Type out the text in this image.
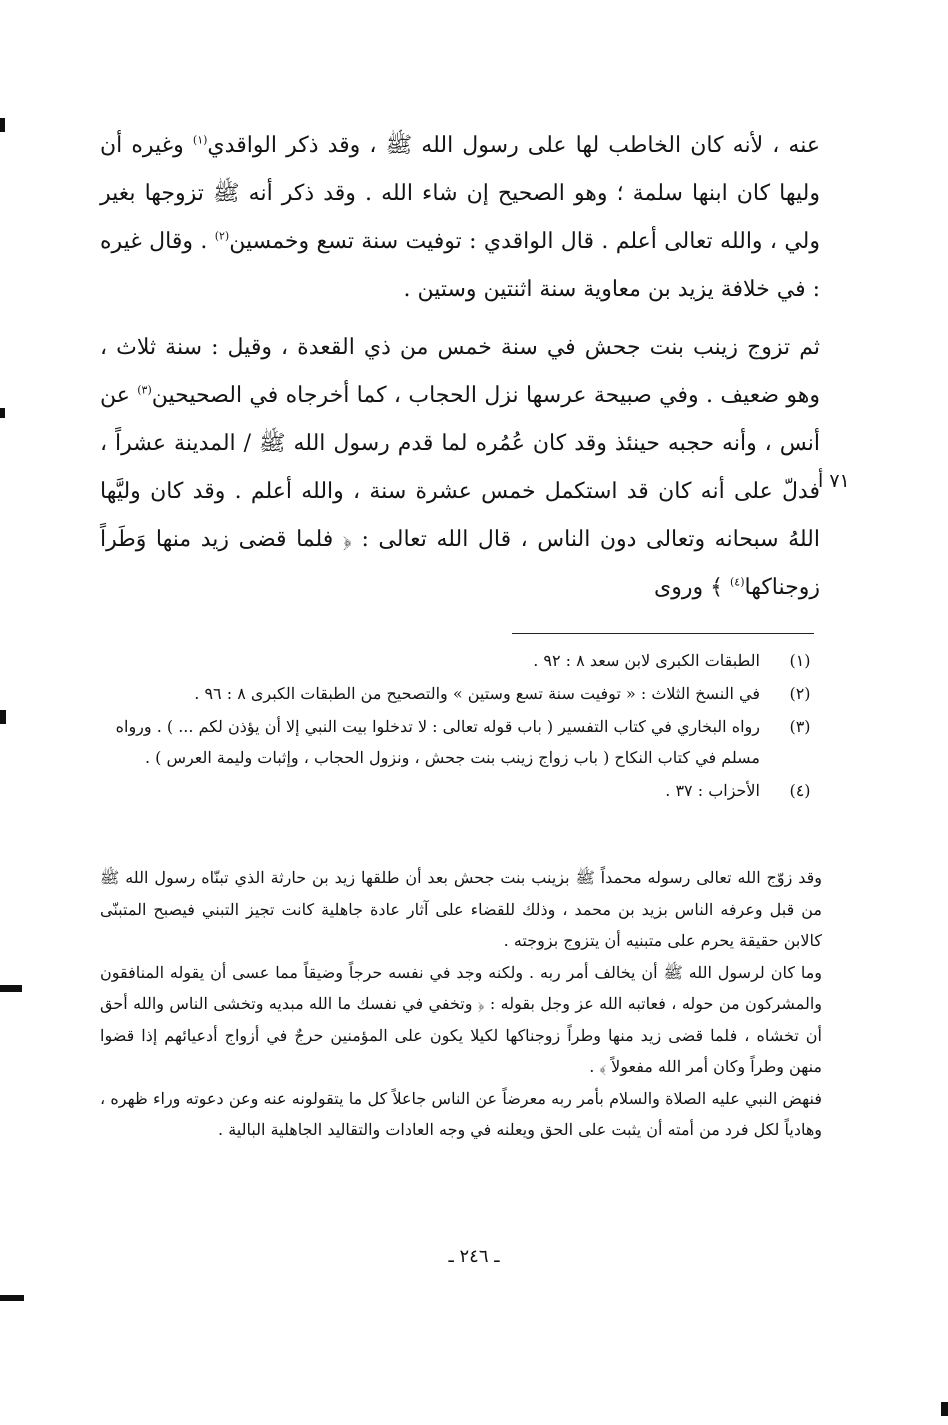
عنه ، لأنه كان الخاطب لها على رسول الله ﷺ ، وقد ذكر الواقدي$^{(١)}$ وغيره أن وليها كان ابنها سلمة ؛ وهو الصحيح إن شاء الله . وقد ذكر أنه ﷺ تزوجها بغير ولي ، والله تعالى أعلم . قال الواقدي : توفيت سنة تسع وخمسين$^{(٢)}$ . وقال غيره : في خلافة يزيد بن معاوية سنة اثنتين وستين .

ثم تزوج زينب بنت جحش في سنة خمس من ذي القعدة ، وقيل : سنة ثلاث ، وهو ضعيف . وفي صبيحة عرسها نزل الحجاب ، كما أخرجاه في الصحيحين$^{(٣)}$ عن أنس ، وأنه حجبه حينئذ وقد كان عُمُره لما قدم رسول الله ﷺ / المدينة عشراً ، فدلّ على أنه كان قد استكمل خمس عشرة سنة ، والله أعلم . وقد كان وليَّها اللهُ سبحانه وتعالى دون الناس ، قال الله تعالى : ﴿ فلما قضى زيد منها وَطَراً زوجناكها$^{(٤)}$ ﴾ وروى

٧١ أ
(١)
الطبقات الكبرى لابن سعد ٨ : ٩٢ .
(٢)
في النسخ الثلاث : « توفيت سنة تسع وستين » والتصحيح من الطبقات الكبرى ٨ : ٩٦ .
(٣)
رواه البخاري في كتاب التفسير ( باب قوله تعالى : لا تدخلوا بيت النبي إلا أن يؤذن لكم ... ) . ورواه مسلم في كتاب النكاح ( باب زواج زينب بنت جحش ، ونزول الحجاب ، وإثبات وليمة العرس ) .
(٤)
الأحزاب : ٣٧ .

وقد زوّج الله تعالى رسوله محمداً ﷺ بزينب بنت جحش بعد أن طلقها زيد بن حارثة الذي تبنّاه رسول الله ﷺ من قبل وعرفه الناس بزيد بن محمد ، وذلك للقضاء على آثار عادة جاهلية كانت تجيز التبني فيصبح المتبنّى كالابن حقيقة يحرم على متبنيه أن يتزوج بزوجته .

وما كان لرسول الله ﷺ أن يخالف أمر ربه . ولكنه وجد في نفسه حرجاً وضيقاً مما عسى أن يقوله المنافقون والمشركون من حوله ، فعاتبه الله عز وجل بقوله : ﴿ وتخفي في نفسك ما الله مبديه وتخشى الناس والله أحق أن تخشاه ، فلما قضى زيد منها وطراً زوجناكها لكيلا يكون على المؤمنين حرجٌ في أزواج أدعيائهم إذا قضوا منهن وطراً وكان أمر الله مفعولاً ﴾ .

فنهض النبي عليه الصلاة والسلام بأمر ربه معرضاً عن الناس جاعلاً كل ما يتقولونه عنه وعن دعوته وراء ظهره ، وهادياً لكل فرد من أمته أن يثبت على الحق ويعلنه في وجه العادات والتقاليد الجاهلية البالية .

ـ ٢٤٦ ـ
